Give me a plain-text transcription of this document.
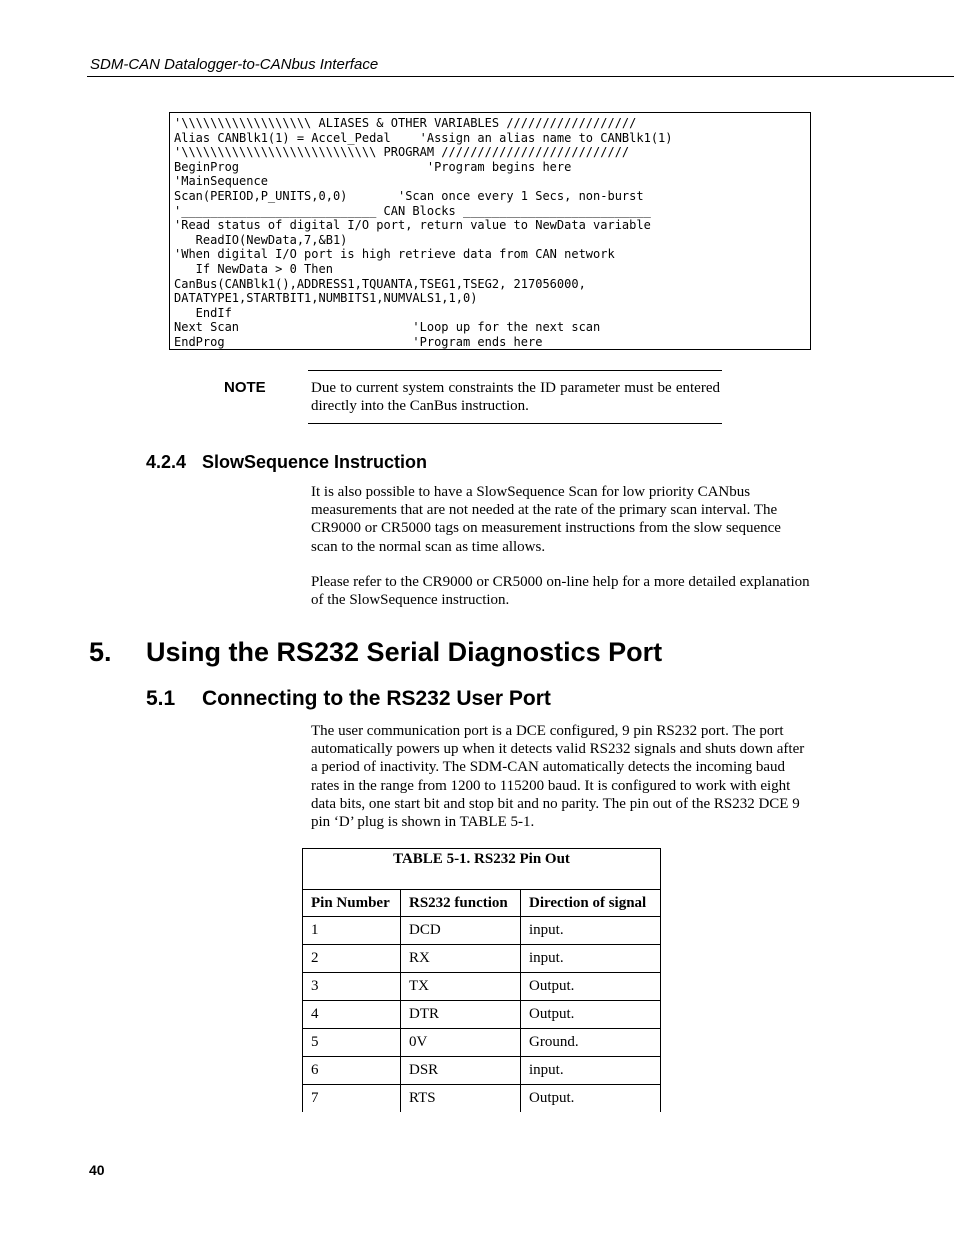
SDM-CAN Datalogger-to-CANbus Interface
'\\\\\\\\\\\\\\\\\\ ALIASES & OTHER VARIABLES //////////////////
Alias CANBlk1(1) = Accel_Pedal    'Assign an alias name to CANBlk1(1)
'\\\\\\\\\\\\\\\\\\\\\\\\\\\ PROGRAM //////////////////////////
BeginProg                          'Program begins here
'MainSequence
Scan(PERIOD,P_UNITS,0,0)       'Scan once every 1 Secs, non-burst
'___________________________ CAN Blocks __________________________
'Read status of digital I/O port, return value to NewData variable
ReadIO(NewData,7,&B1)
'When digital I/O port is high retrieve data from CAN network
If NewData > 0 Then
CanBus(CANBlk1(),ADDRESS1,TQUANTA,TSEG1,TSEG2, 217056000,
DATATYPE1,STARTBIT1,NUMBITS1,NUMVALS1,1,0)
EndIf
Next Scan                        'Loop up for the next scan
EndProg                          'Program ends here
NOTE	Due to current system constraints the ID parameter must be entered directly into the CanBus instruction.
4.2.4 SlowSequence Instruction
It is also possible to have a SlowSequence Scan for low priority CANbus measurements that are not needed at the rate of the primary scan interval. The CR9000 or CR5000 tags on measurement instructions from the slow sequence scan to the normal scan as time allows.
Please refer to the CR9000 or CR5000 on-line help for a more detailed explanation of the SlowSequence instruction.
5. Using the RS232 Serial Diagnostics Port
5.1 Connecting to the RS232 User Port
The user communication port is a DCE configured, 9 pin RS232 port. The port automatically powers up when it detects valid RS232 signals and shuts down after a period of inactivity. The SDM-CAN automatically detects the incoming baud rates in the range from 1200 to 115200 baud. It is configured to work with eight data bits, one start bit and stop bit and no parity. The pin out of the RS232 DCE 9 pin ‘D’ plug is shown in TABLE 5-1.
TABLE 5-1. RS232 Pin Out		
Pin Number	RS232 function	Direction of signal
1	DCD	input.
2	RX	input.
3	TX	Output.
4	DTR	Output.
5	0V	Ground.
6	DSR	input.
7	RTS	Output.
40
